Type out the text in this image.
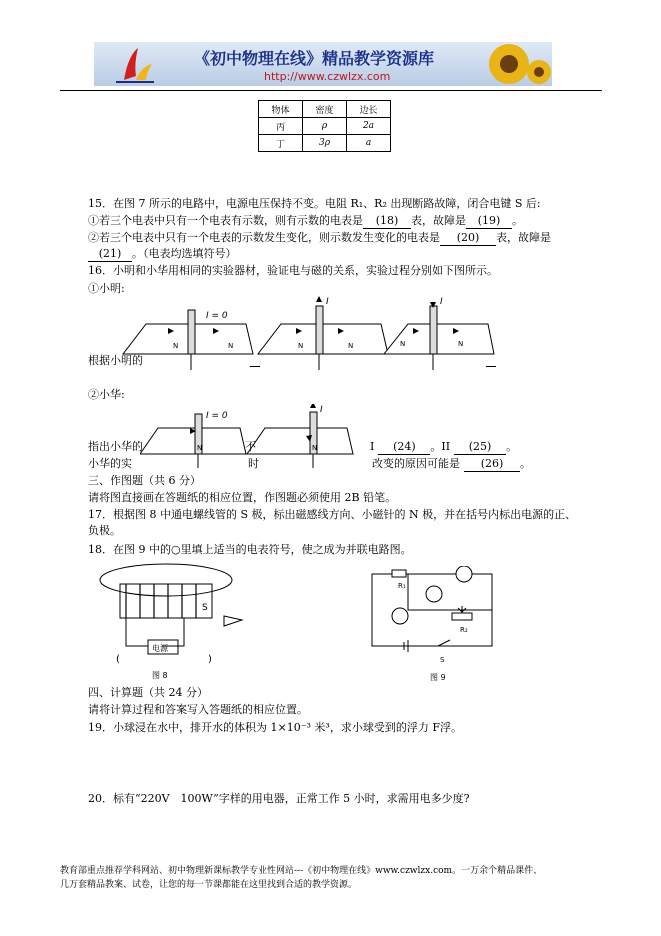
《初中物理在线》精品教学资源库
http://www.czwlzx.com
物体	密度	边长
丙	ρ	2a
丁	3ρ	a
15．在图 7 所示的电路中，电源电压保持不变。电阻 R₁、R₂ 出现断路故障，闭合电键 S 后:
①若三个电表中只有一个电表有示数，则有示数的电表是 (18) 表，故障是 (19) 。
②若三个电表中只有一个电表的示数发生变化，则示数发生变化的电表是 (20) 表，故障是
(21) 。（电表均选填符号）
16．小明和小华用相同的实验器材，验证电与磁的关系，实验过程分别如下图所示。
①小明:
I = 0
N	N
I
N	N
I
N	N
根据小明的
②小华:
I = 0
N
I
N
指出小华的	不	I (24) 。II (25) 。
小华的实	时	改变的原因可能是 (26) 。
三、作图题（共 6 分）
请将图直接画在答题纸的相应位置，作图题必须使用 2B 铅笔。
17．根据图 8 中通电螺线管的 S 极，标出磁感线方向、小磁针的 N 极，并在括号内标出电源的正、
负极。
18．在图 9 中的○里填上适当的电表符号，使之成为并联电路图。
S
电源
(	)
图 8
R₁
R₂
S
图 9
四、计算题（共 24 分）
请将计算过程和答案写入答题纸的相应位置。
19．小球浸在水中，排开水的体积为 1×10⁻³ 米³，求小球受到的浮力 F浮。
20．标有“220V　100W”字样的用电器，正常工作 5 小时，求需用电多少度?
教育部重点推荐学科网站、初中物理新课标教学专业性网站---《初中物理在线》www.czwlzx.com。一万余个精品课件、
几万套精品教案、试卷，让您的每一节课都能在这里找到合适的教学资源。
